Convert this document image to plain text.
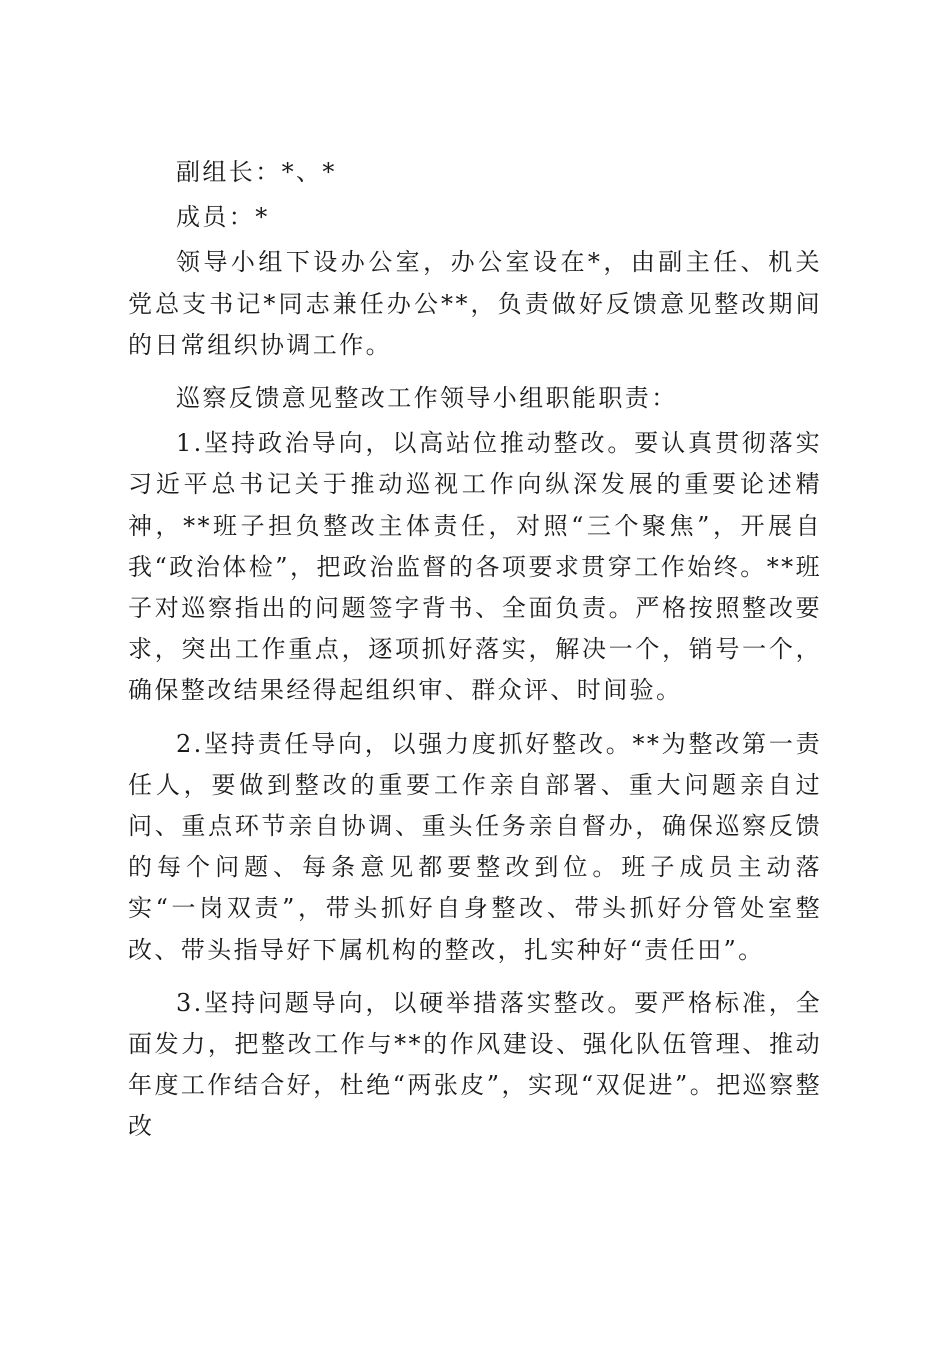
副组长：*、*

成员：*

领导小组下设办公室，办公室设在*，由副主任、机关党总支书记*同志兼任办公**，负责做好反馈意见整改期间的日常组织协调工作。

巡察反馈意见整改工作领导小组职能职责：

1.坚持政治导向，以高站位推动整改。要认真贯彻落实习近平总书记关于推动巡视工作向纵深发展的重要论述精神，**班子担负整改主体责任，对照“三个聚焦”，开展自我“政治体检”，把政治监督的各项要求贯穿工作始终。**班子对巡察指出的问题签字背书、全面负责。严格按照整改要求，突出工作重点，逐项抓好落实，解决一个，销号一个，确保整改结果经得起组织审、群众评、时间验。

2.坚持责任导向，以强力度抓好整改。**为整改第一责任人，要做到整改的重要工作亲自部署、重大问题亲自过问、重点环节亲自协调、重头任务亲自督办，确保巡察反馈的每个问题、每条意见都要整改到位。班子成员主动落实“一岗双责”，带头抓好自身整改、带头抓好分管处室整改、带头指导好下属机构的整改，扎实种好“责任田”。

3.坚持问题导向，以硬举措落实整改。要严格标准，全面发力，把整改工作与**的作风建设、强化队伍管理、推动年度工作结合好，杜绝“两张皮”，实现“双促进”。把巡察整改
